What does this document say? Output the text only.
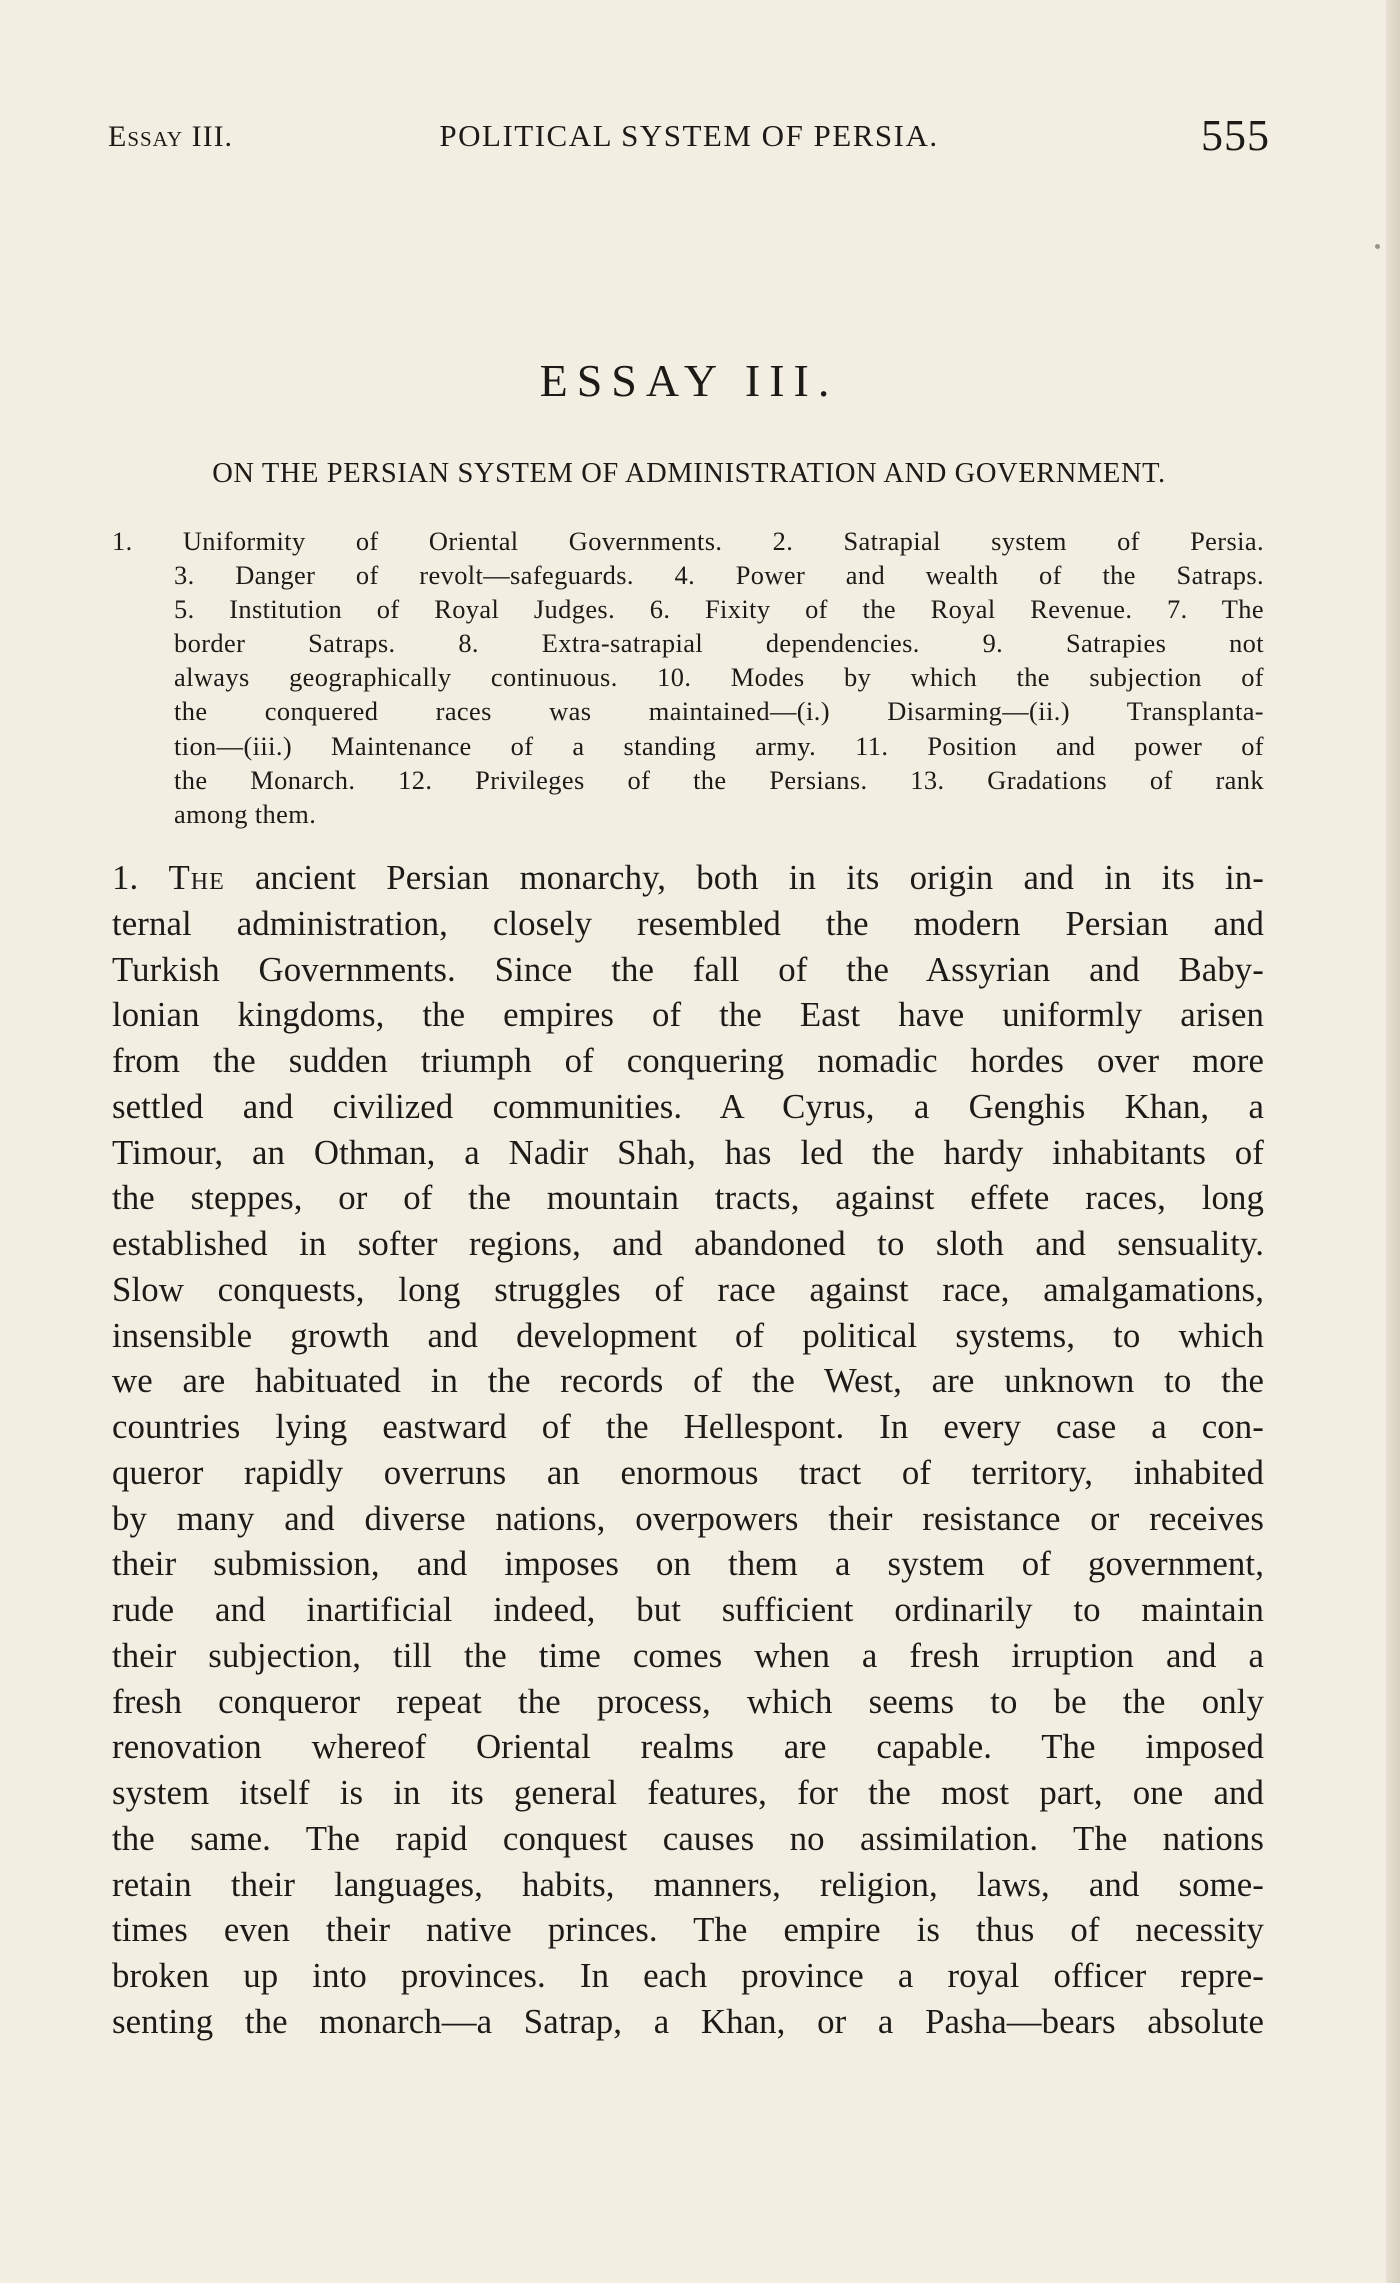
Essay III.	POLITICAL SYSTEM OF PERSIA.	555
ESSAY III.
ON THE PERSIAN SYSTEM OF ADMINISTRATION AND GOVERNMENT.
1. Uniformity of Oriental Governments. 2. Satrapial system of Persia.
3. Danger of revolt—safeguards. 4. Power and wealth of the Satraps.
5. Institution of Royal Judges. 6. Fixity of the Royal Revenue. 7. The
border Satraps. 8. Extra-satrapial dependencies. 9. Satrapies not
always geographically continuous. 10. Modes by which the subjection of
the conquered races was maintained—(i.) Disarming—(ii.) Transplanta-
tion—(iii.) Maintenance of a standing army. 11. Position and power of
the Monarch. 12. Privileges of the Persians. 13. Gradations of rank
among them.
1. The ancient Persian monarchy, both in its origin and in its in-
ternal administration, closely resembled the modern Persian and
Turkish Governments. Since the fall of the Assyrian and Baby-
lonian kingdoms, the empires of the East have uniformly arisen
from the sudden triumph of conquering nomadic hordes over more
settled and civilized communities. A Cyrus, a Genghis Khan, a
Timour, an Othman, a Nadir Shah, has led the hardy inhabitants of
the steppes, or of the mountain tracts, against effete races, long
established in softer regions, and abandoned to sloth and sensuality.
Slow conquests, long struggles of race against race, amalgamations,
insensible growth and development of political systems, to which
we are habituated in the records of the West, are unknown to the
countries lying eastward of the Hellespont. In every case a con-
queror rapidly overruns an enormous tract of territory, inhabited
by many and diverse nations, overpowers their resistance or receives
their submission, and imposes on them a system of government,
rude and inartificial indeed, but sufficient ordinarily to maintain
their subjection, till the time comes when a fresh irruption and a
fresh conqueror repeat the process, which seems to be the only
renovation whereof Oriental realms are capable. The imposed
system itself is in its general features, for the most part, one and
the same. The rapid conquest causes no assimilation. The nations
retain their languages, habits, manners, religion, laws, and some-
times even their native princes. The empire is thus of necessity
broken up into provinces. In each province a royal officer repre-
senting the monarch—a Satrap, a Khan, or a Pasha—bears absolute
